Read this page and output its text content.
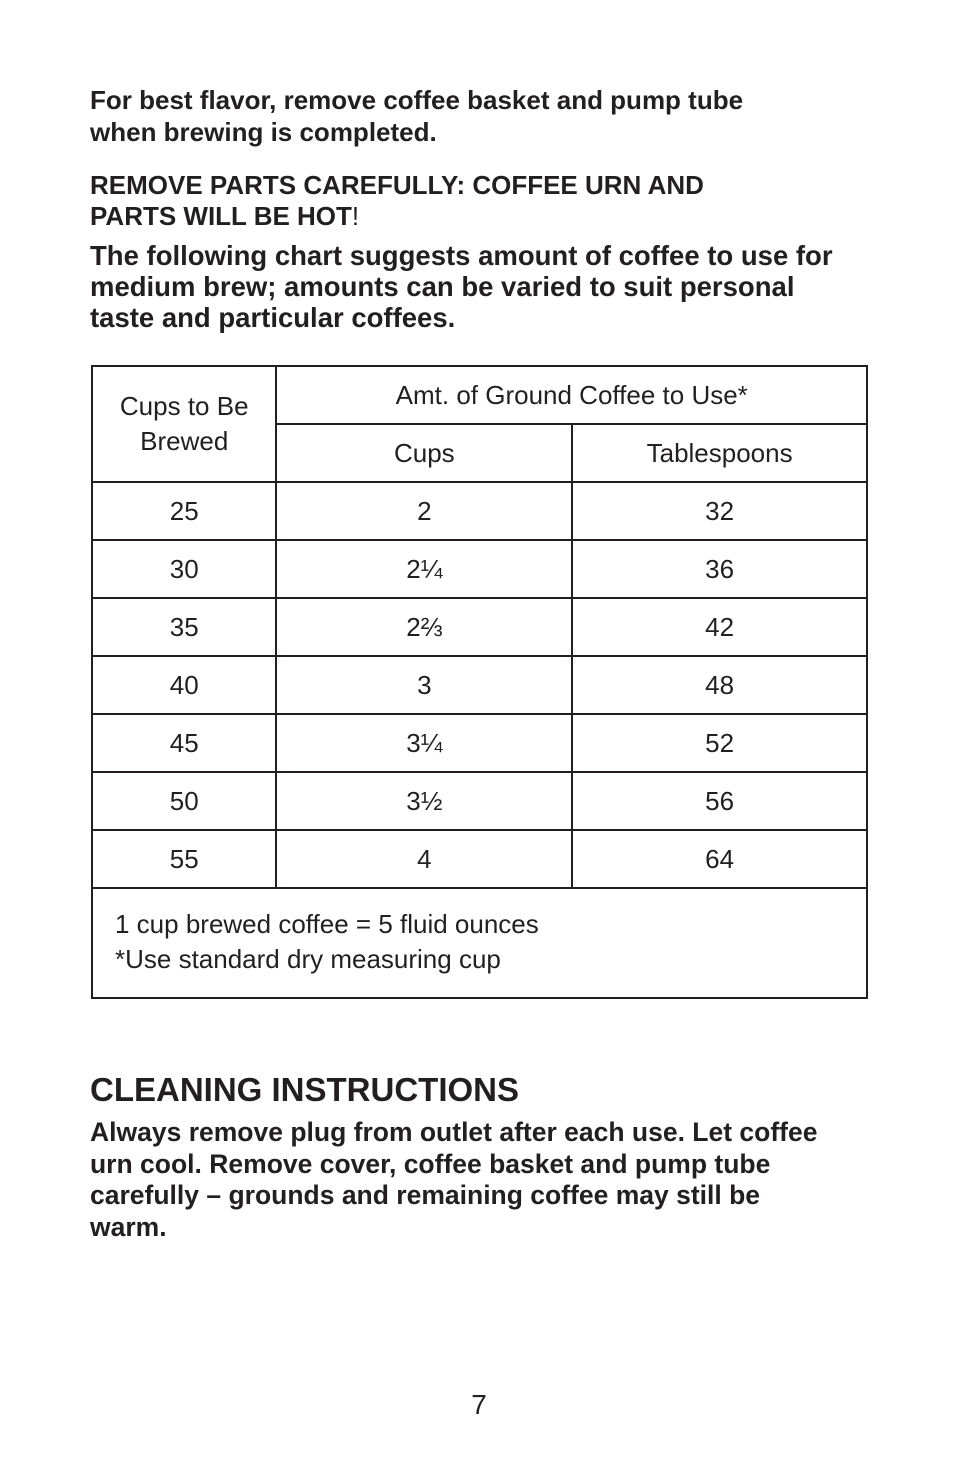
For best flavor, remove coffee basket and pump tube
when brewing is completed.

REMOVE PARTS CAREFULLY: COFFEE URN AND
PARTS WILL BE HOT!

The following chart suggests amount of coffee to use for
medium brew; amounts can be varied to suit personal
taste and particular coffees.

Cups to Be
Brewed	Amt. of Ground Coffee to Use*	
	Cups	Tablespoons
25	2	32
30	2¼	36
35	2⅔	42
40	3	48
45	3¼	52
50	3½	56
55	4	64

1 cup brewed coffee = 5 fluid ounces
*Use standard dry measuring cup		
CLEANING INSTRUCTIONS

Always remove plug from outlet after each use. Let coffee
urn cool. Remove cover, coffee basket and pump tube
carefully – grounds and remaining coffee may still be
warm.

7
